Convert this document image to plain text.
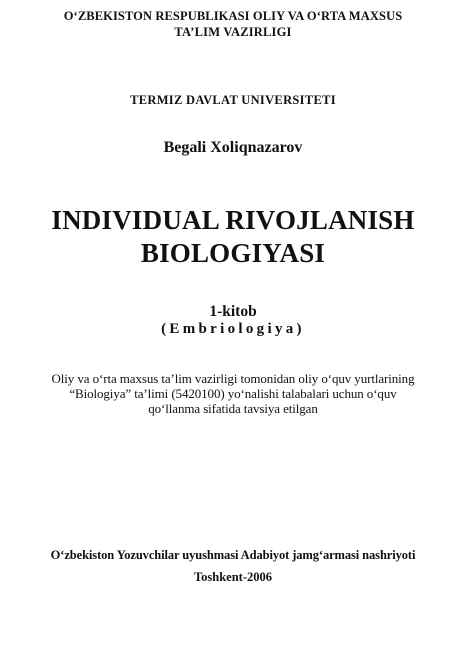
O‘ZBEKISTON RESPUBLIKASI OLIY VA O‘RTA MAXSUS
TA’LIM VAZIRLIGI
TERMIZ DAVLAT UNIVERSITETI
Begali Xoliqnazarov
INDIVIDUAL RIVOJLANISH
BIOLOGIYASI
1-kitob
(Embriologiya)
Oliy va o‘rta maxsus ta’lim vazirligi tomonidan oliy o‘quv yurtlarining
“Biologiya” ta’limi (5420100) yo‘nalishi talabalari uchun o‘quv
qo‘llanma sifatida tavsiya etilgan
O‘zbekiston Yozuvchilar uyushmasi Adabiyot jamg‘armasi nashriyoti
Toshkent-2006
